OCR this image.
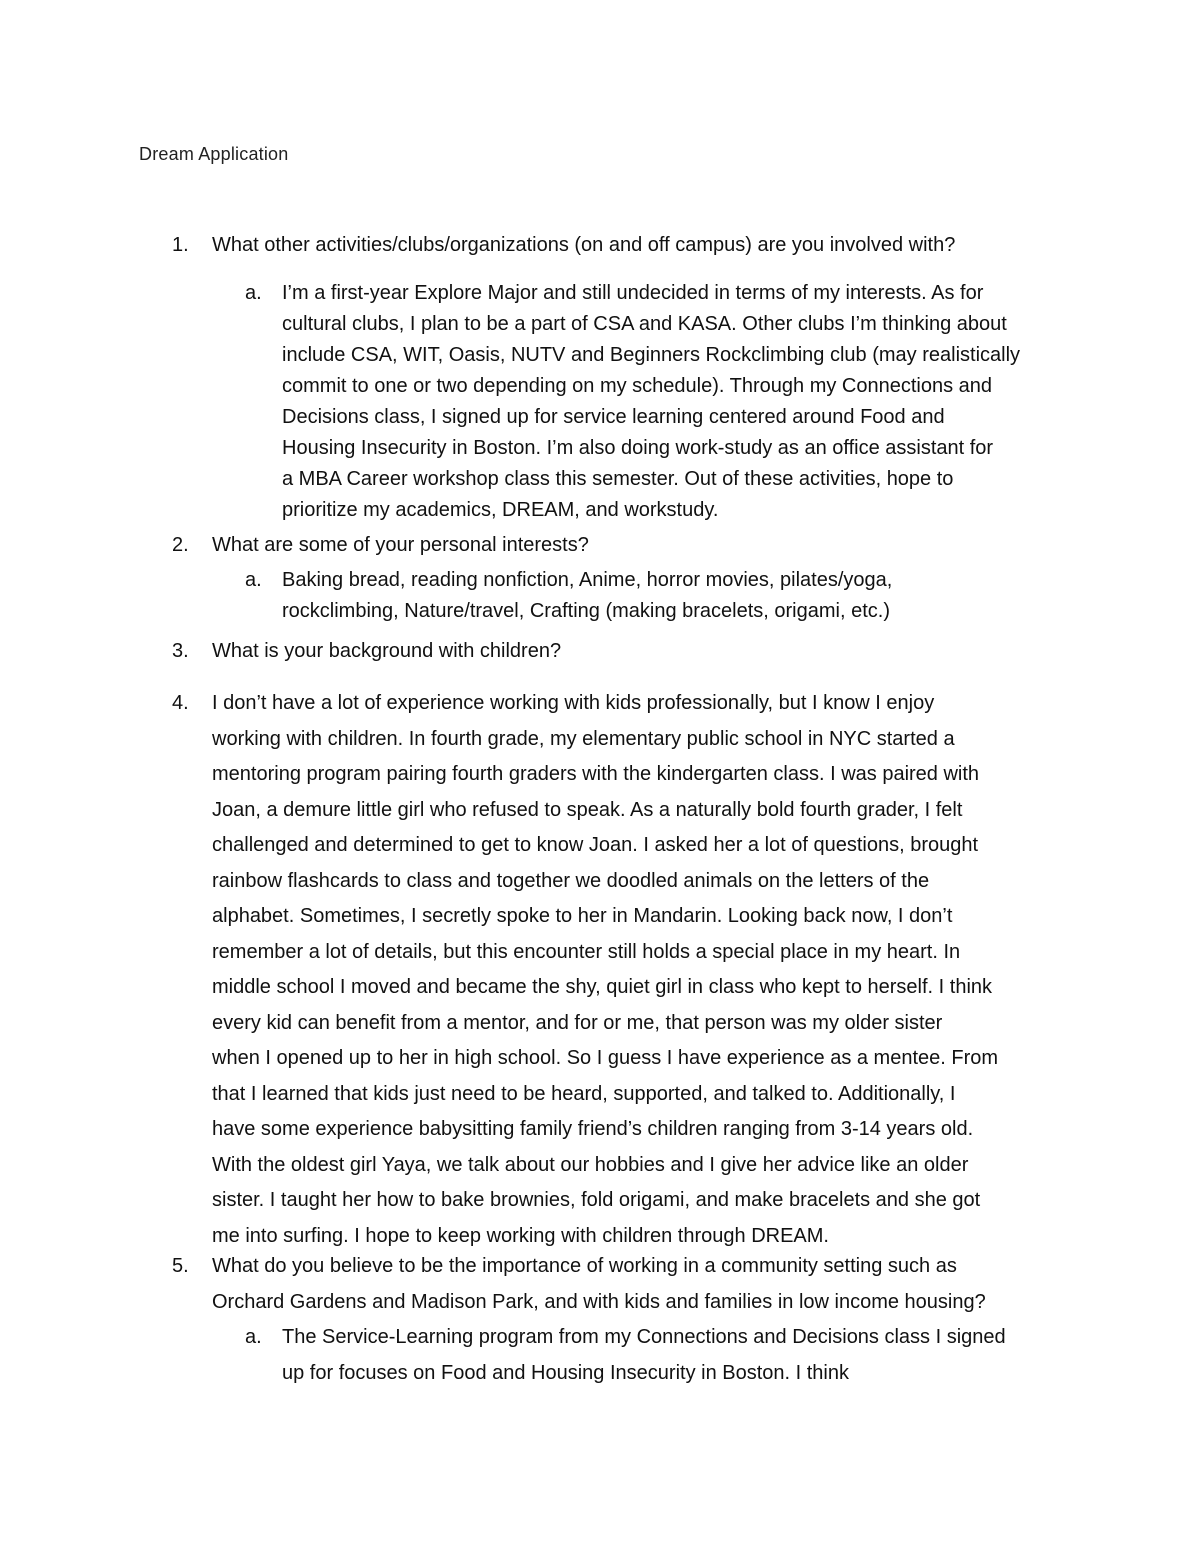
Dream Application
1.	What other activities/clubs/organizations (on and off campus) are you involved with?
a.	I’m a first-year Explore Major and still undecided in terms of my interests. As for
cultural clubs, I plan to be a part of CSA and KASA. Other clubs I’m thinking about
include CSA, WIT, Oasis, NUTV and Beginners Rockclimbing club (may realistically
commit to one or two depending on my schedule). Through my Connections and
Decisions class, I signed up for service learning centered around Food and
Housing Insecurity in Boston. I’m also doing work-study as an office assistant for
a MBA Career workshop class this semester. Out of these activities, hope to
prioritize my academics, DREAM, and workstudy.
2.	What are some of your personal interests?
a.	Baking bread, reading nonfiction, Anime, horror movies, pilates/yoga,
rockclimbing, Nature/travel, Crafting (making bracelets, origami, etc.)
3.	What is your background with children?
4.	I don’t have a lot of experience working with kids professionally, but I know I enjoy
working with children. In fourth grade, my elementary public school in NYC started a
mentoring program pairing fourth graders with the kindergarten class. I was paired with
Joan, a demure little girl who refused to speak. As a naturally bold fourth grader, I felt
challenged and determined to get to know Joan. I asked her a lot of questions, brought
rainbow flashcards to class and together we doodled animals on the letters of the
alphabet. Sometimes, I secretly spoke to her in Mandarin. Looking back now, I don’t
remember a lot of details, but this encounter still holds a special place in my heart. In
middle school I moved and became the shy, quiet girl in class who kept to herself. I think
every kid can benefit from a mentor, and for or me, that person was my older sister
when I opened up to her in high school. So I guess I have experience as a mentee. From
that I learned that kids just need to be heard, supported, and talked to. Additionally, I
have some experience babysitting family friend’s children ranging from 3-14 years old.
With the oldest girl Yaya, we talk about our hobbies and I give her advice like an older
sister. I taught her how to bake brownies, fold origami, and make bracelets and she got
me into surfing. I hope to keep working with children through DREAM.
5.	What do you believe to be the importance of working in a community setting such as
Orchard Gardens and Madison Park, and with kids and families in low income housing?
a.	The Service-Learning program from my Connections and Decisions class I signed
up for focuses on Food and Housing Insecurity in Boston. I think
